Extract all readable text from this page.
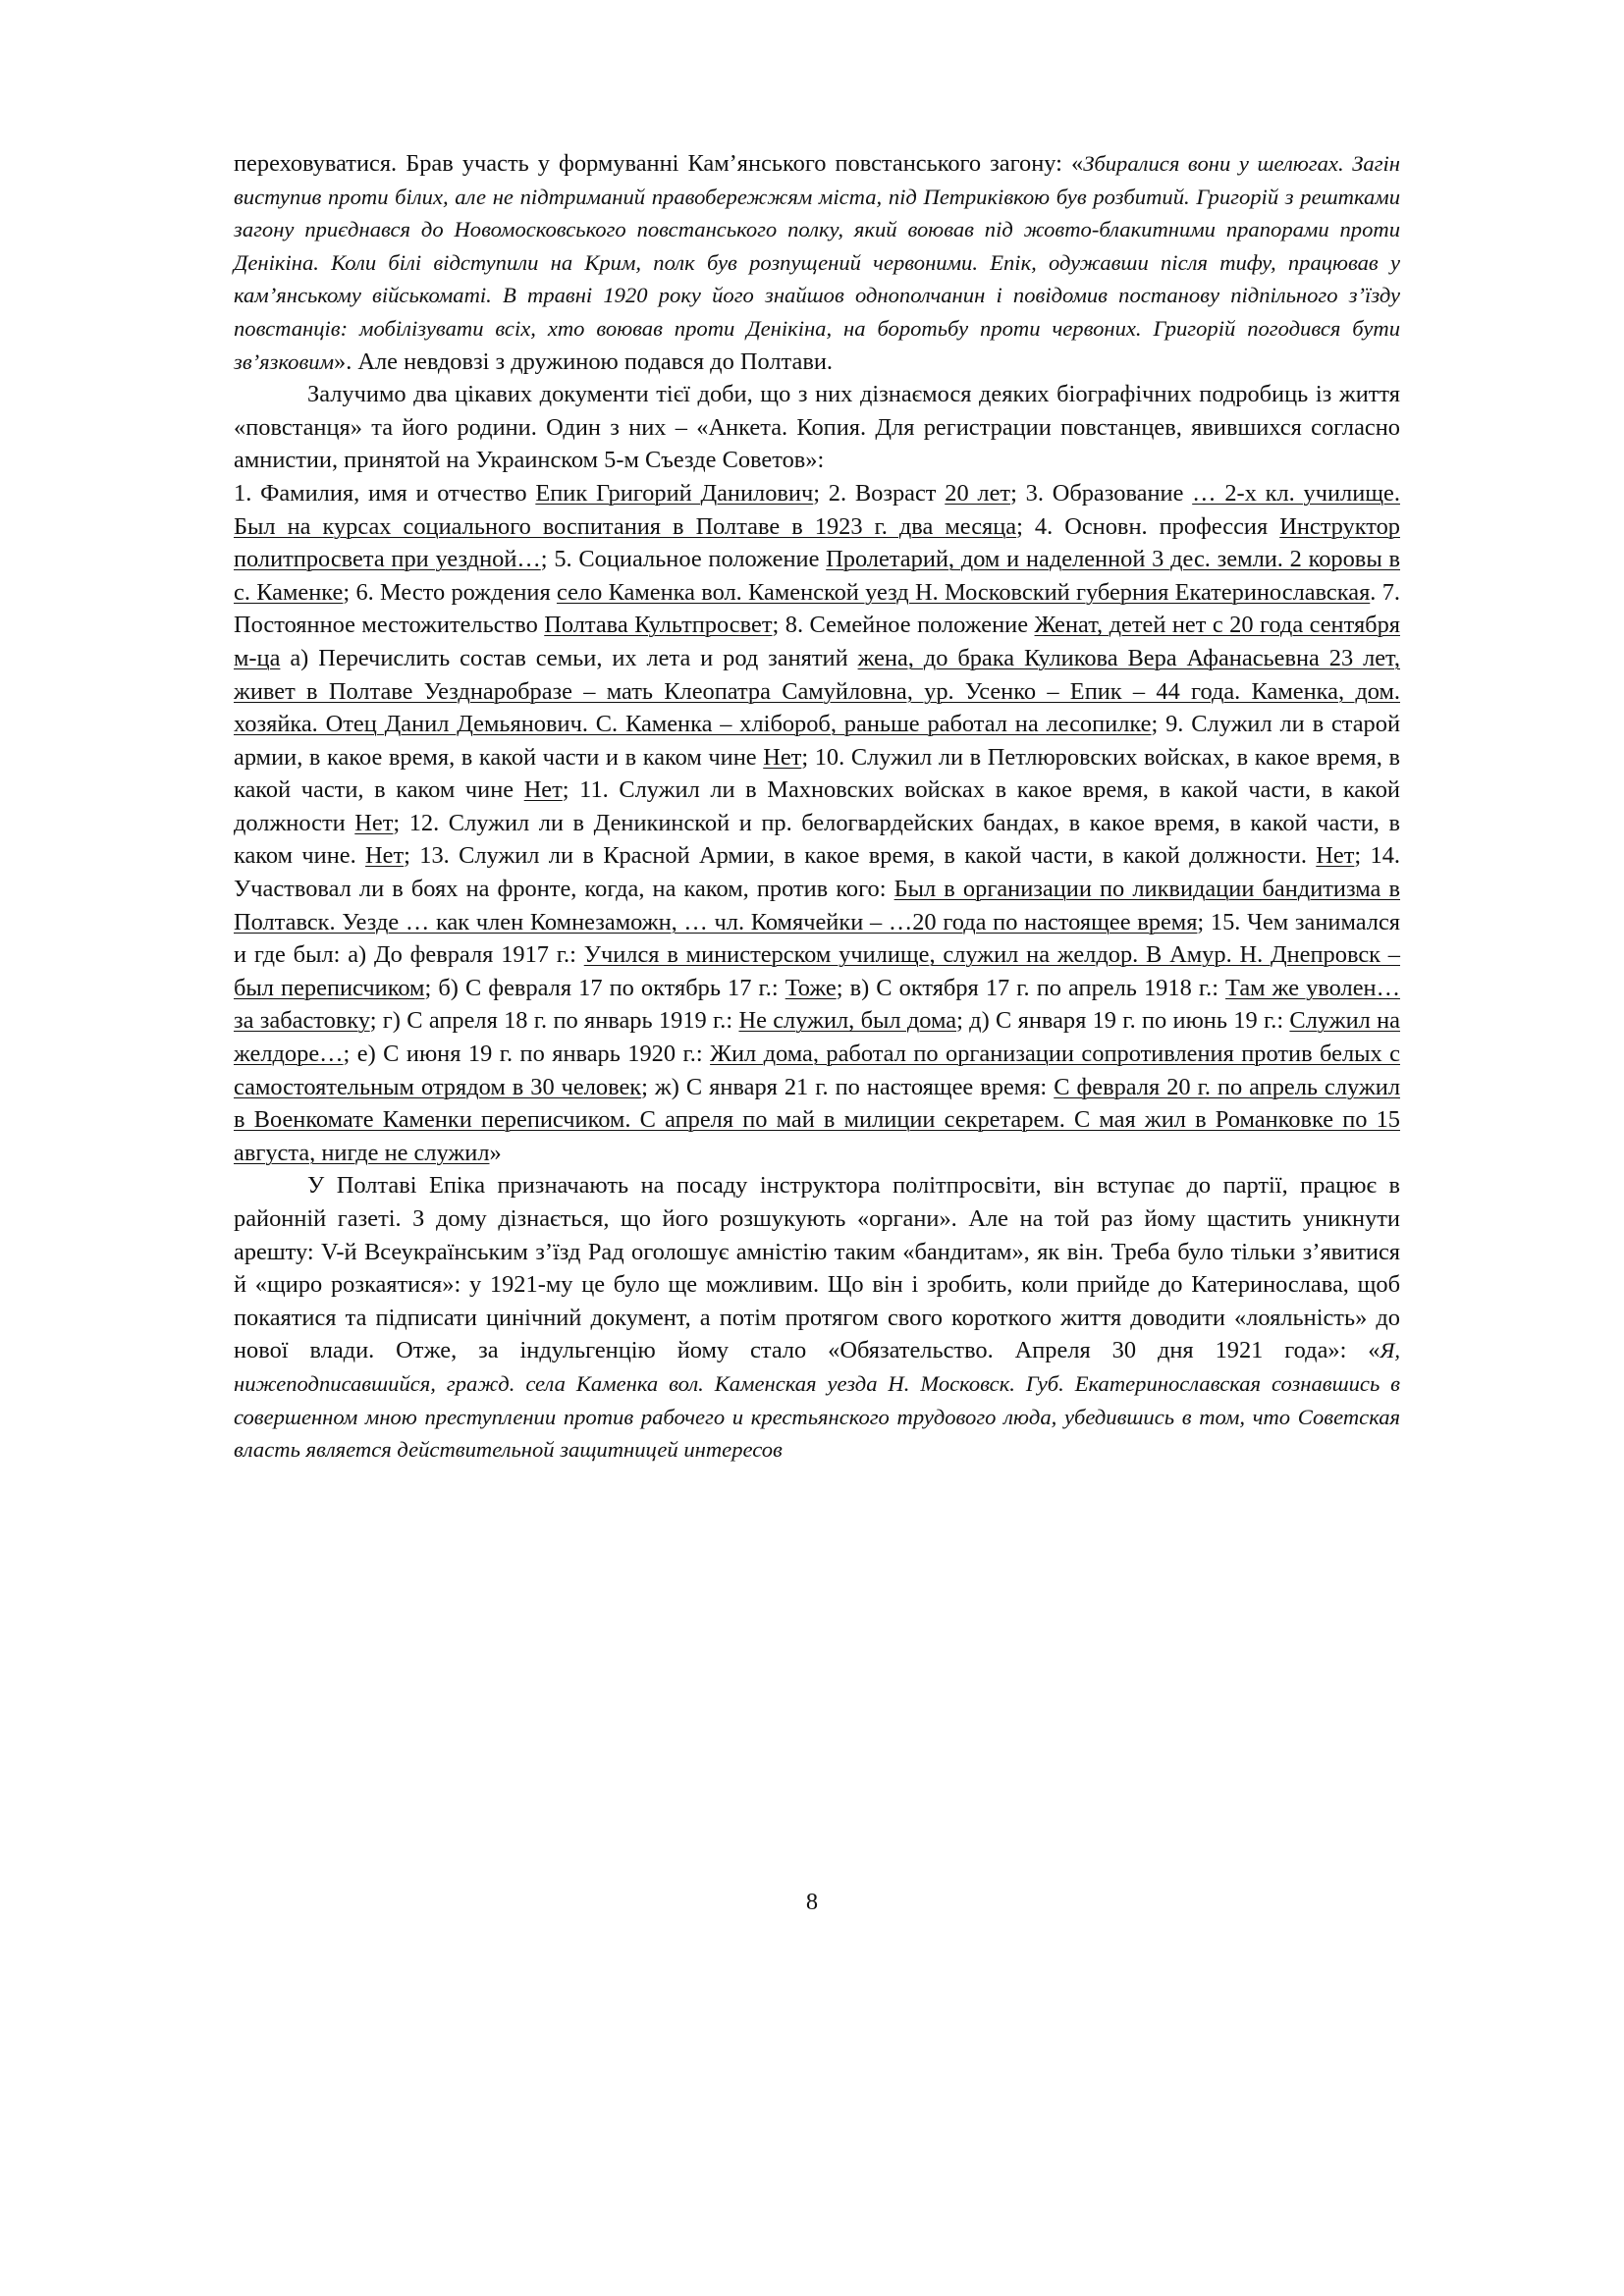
переховуватися. Брав участь у формуванні Кам’янського повстанського загону: «Збиралися вони у шелюгах. Загін виступив проти білих, але не підтриманий правобережжям міста, під Петриківкою був розбитий. Григорій з рештками загону приєднався до Новомосковського повстанського полку, який воював під жовто-блакитними прапорами проти Денікіна. Коли білі відступили на Крим, полк був розпущений червоними. Епік, одужавши після тифу, працював у кам’янському військоматі. В травні 1920 року його знайшов однополчанин і повідомив постанову підпільного з’їзду повстанців: мобілізувати всіх, хто воював проти Денікіна, на боротьбу проти червоних. Григорій погодився бути зв’язковим». Але невдовзі з дружиною подався до Полтави.

Залучимо два цікавих документи тієї доби, що з них дізнаємося деяких біографічних подробиць із життя «повстанця» та його родини. Один з них – «Анкета. Копия. Для регистрации повстанцев, явившихся согласно амнистии, принятой на Украинском 5-м Съезде Советов»:

1. Фамилия, имя и отчество Епик Григорий Данилович; 2. Возраст 20 лет; 3. Образование … 2-х кл. училище. Был на курсах социального воспитания в Полтаве в 1923 г. два месяца; 4. Основн. профессия Инструктор политпросвета при уездной…; 5. Социальное положение Пролетарий, дом и наделенной 3 дес. земли. 2 коровы в с. Каменке; 6. Место рождения село Каменка вол. Каменской уезд Н. Московский губерния Екатеринославская. 7. Постоянное местожительство Полтава Культпросвет; 8. Семейное положение Женат, детей нет с 20 года сентября м-ца а) Перечислить состав семьи, их лета и род занятий жена, до брака Куликова Вера Афанасьевна 23 лет, живет в Полтаве Уезднаробразе – мать Клеопатра Самуйловна, ур. Усенко – Епик – 44 года. Каменка, дом. хозяйка. Отец Данил Демьянович. С. Каменка – хлібороб, раньше работал на лесопилке; 9. Служил ли в старой армии, в какое время, в какой части и в каком чине Нет; 10. Служил ли в Петлюровских войсках, в какое время, в какой части, в каком чине Нет; 11. Служил ли в Махновских войсках в какое время, в какой части, в какой должности Нет; 12. Служил ли в Деникинской и пр. белогвардейских бандах, в какое время, в какой части, в каком чине. Нет; 13. Служил ли в Красной Армии, в какое время, в какой части, в какой должности. Нет; 14. Участвовал ли в боях на фронте, когда, на каком, против кого: Был в организации по ликвидации бандитизма в Полтавск. Уезде … как член Комнезаможн, … чл. Комячейки – …20 года по настоящее время; 15. Чем занимался и где был: а) До февраля 1917 г.: Учился в министерском училище, служил на желдор. В Амур. Н. Днепровск – был переписчиком; б) С февраля 17 по октябрь 17 г.: Тоже; в) С октября 17 г. по апрель 1918 г.: Там же уволен… за забастовку; г) С апреля 18 г. по январь 1919 г.: Не служил, был дома; д) С января 19 г. по июнь 19 г.: Служил на желдоре…; е) С июня 19 г. по январь 1920 г.: Жил дома, работал по организации сопротивления против белых с самостоятельным отрядом в 30 человек; ж) С января 21 г. по настоящее время: С февраля 20 г. по апрель служил в Военкомате Каменки переписчиком. С апреля по май в милиции секретарем. С мая жил в Романковке по 15 августа, нигде не служил»

У Полтаві Епіка призначають на посаду інструктора політпросвіти, він вступає до партії, працює в районній газеті. З дому дізнається, що його розшукують «органи». Але на той раз йому щастить уникнути арешту: V-й Всеукраїнським з’їзд Рад оголошує амністію таким «бандитам», як він. Треба було тільки з’явитися й «щиро розкаятися»: у 1921-му це було ще можливим. Що він і зробить, коли прийде до Катеринослава, щоб покаятися та підписати цинічний документ, а потім протягом свого короткого життя доводити «лояльність» до нової влади. Отже, за індульгенцію йому стало «Обязательство. Апреля 30 дня 1921 года»: «Я, нижеподписавшийся, гражд. села Каменка вол. Каменская уезда Н. Московск. Губ. Екатеринославская сознавшись в совершенном мною преступлении против рабочего и крестьянского трудового люда, убедившись в том, что Советская власть является действительной защитницей интересов

8
